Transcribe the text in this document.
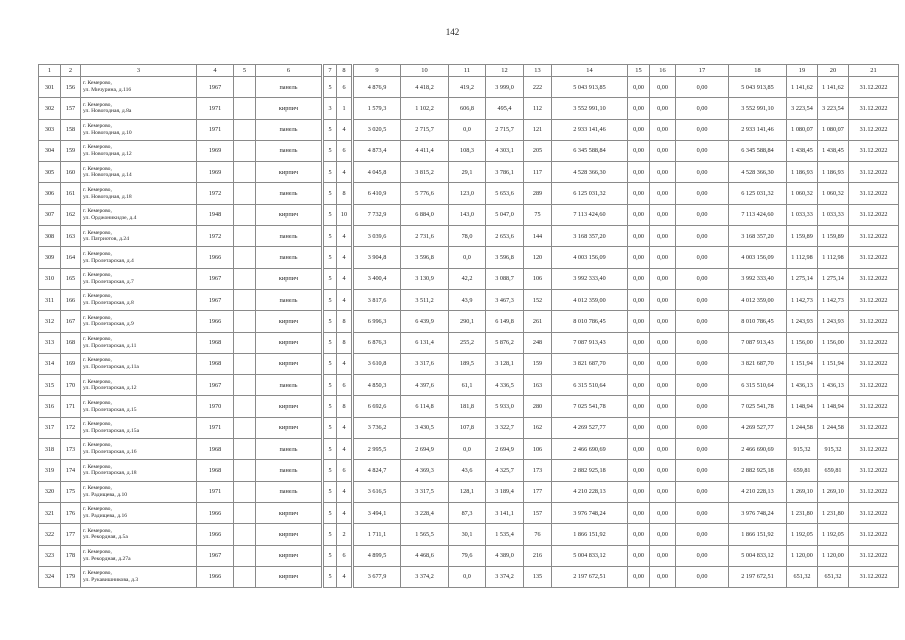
142
1	2	3	4	5	6	7	8	9	10	11	12	13	14	15	16	17	18	19	20	21
301	156	г. Кемерово,
ул. Мичурина, д.116	1967		панель	5	6	4 876,9	4 418,2	419,2	3 999,0	222	5 043 913,85	0,00	0,00	0,00	5 043 913,85	1 141,62	1 141,62	31.12.2022
302	157	г. Кемерово,
ул. Новогодная, д.8а	1971		кирпич	3	1	1 579,3	1 102,2	606,8	495,4	112	3 552 991,10	0,00	0,00	0,00	3 552 991,10	3 223,54	3 223,54	31.12.2022
303	158	г. Кемерово,
ул. Новогодная, д.10	1971		панель	5	4	3 020,5	2 715,7	0,0	2 715,7	121	2 933 141,46	0,00	0,00	0,00	2 933 141,46	1 080,07	1 080,07	31.12.2022
304	159	г. Кемерово,
ул. Новогодная, д.12	1969		панель	5	6	4 873,4	4 411,4	108,3	4 303,1	205	6 345 588,84	0,00	0,00	0,00	6 345 588,84	1 438,45	1 438,45	31.12.2022
305	160	г. Кемерово,
ул. Новогодная, д.14	1969		кирпич	5	4	4 045,8	3 815,2	29,1	3 786,1	117	4 528 366,30	0,00	0,00	0,00	4 528 366,30	1 186,93	1 186,93	31.12.2022
306	161	г. Кемерово,
ул. Новогодная, д.18	1972		панель	5	8	6 410,9	5 776,6	123,0	5 653,6	289	6 125 031,32	0,00	0,00	0,00	6 125 031,32	1 060,32	1 060,32	31.12.2022
307	162	г. Кемерово,
ул. Орджоникидзе, д.4	1948		кирпич	5	10	7 732,9	6 884,0	143,0	5 047,0	75	7 113 424,60	0,00	0,00	0,00	7 113 424,60	1 033,33	1 033,33	31.12.2022
308	163	г. Кемерово,
ул. Патриотов, д.24	1972		панель	5	4	3 039,6	2 731,6	78,0	2 653,6	144	3 168 357,20	0,00	0,00	0,00	3 168 357,20	1 159,89	1 159,89	31.12.2022
309	164	г. Кемерово,
ул. Пролетарская, д.4	1966		панель	5	4	3 904,8	3 596,8	0,0	3 596,8	120	4 003 156,09	0,00	0,00	0,00	4 003 156,09	1 112,98	1 112,98	31.12.2022
310	165	г. Кемерово,
ул. Пролетарская, д.7	1967		кирпич	5	4	3 400,4	3 130,9	42,2	3 088,7	106	3 992 333,40	0,00	0,00	0,00	3 992 333,40	1 275,14	1 275,14	31.12.2022
311	166	г. Кемерово,
ул. Пролетарская, д.8	1967		панель	5	4	3 817,6	3 511,2	43,9	3 467,3	152	4 012 359,00	0,00	0,00	0,00	4 012 359,00	1 142,73	1 142,73	31.12.2022
312	167	г. Кемерово,
ул. Пролетарская, д.9	1966		кирпич	5	8	6 996,3	6 439,9	290,1	6 149,8	261	8 010 786,45	0,00	0,00	0,00	8 010 786,45	1 243,93	1 243,93	31.12.2022
313	168	г. Кемерово,
ул. Пролетарская, д.11	1968		кирпич	5	8	6 876,3	6 131,4	255,2	5 876,2	248	7 087 913,43	0,00	0,00	0,00	7 087 913,43	1 156,00	1 156,00	31.12.2022
314	169	г. Кемерово,
ул. Пролетарская, д.11а	1968		кирпич	5	4	3 610,8	3 317,6	189,5	3 128,1	159	3 821 687,70	0,00	0,00	0,00	3 821 687,70	1 151,94	1 151,94	31.12.2022
315	170	г. Кемерово,
ул. Пролетарская, д.12	1967		панель	5	6	4 850,3	4 397,6	61,1	4 336,5	163	6 315 510,64	0,00	0,00	0,00	6 315 510,64	1 436,13	1 436,13	31.12.2022
316	171	г. Кемерово,
ул. Пролетарская, д.15	1970		кирпич	5	8	6 692,6	6 114,8	181,8	5 933,0	280	7 025 541,78	0,00	0,00	0,00	7 025 541,78	1 148,94	1 148,94	31.12.2022
317	172	г. Кемерово,
ул. Пролетарская, д.15а	1971		кирпич	5	4	3 736,2	3 430,5	107,8	3 322,7	162	4 269 527,77	0,00	0,00	0,00	4 269 527,77	1 244,58	1 244,58	31.12.2022
318	173	г. Кемерово,
ул. Пролетарская, д.16	1968		панель	5	4	2 995,5	2 694,9	0,0	2 694,9	106	2 466 690,69	0,00	0,00	0,00	2 466 690,69	915,32	915,32	31.12.2022
319	174	г. Кемерово,
ул. Пролетарская, д.18	1968		панель	5	6	4 824,7	4 369,3	43,6	4 325,7	173	2 882 925,18	0,00	0,00	0,00	2 882 925,18	659,81	659,81	31.12.2022
320	175	г. Кемерово,
ул. Радищева, д.10	1971		панель	5	4	3 616,5	3 317,5	128,1	3 189,4	177	4 210 228,13	0,00	0,00	0,00	4 210 228,13	1 269,10	1 269,10	31.12.2022
321	176	г. Кемерово,
ул. Радищева, д.16	1966		кирпич	5	4	3 494,1	3 228,4	87,3	3 141,1	157	3 976 748,24	0,00	0,00	0,00	3 976 748,24	1 231,80	1 231,80	31.12.2022
322	177	г. Кемерово,
ул. Рекордная, д.5а	1966		кирпич	5	2	1 711,1	1 565,5	30,1	1 535,4	76	1 866 151,92	0,00	0,00	0,00	1 866 151,92	1 192,05	1 192,05	31.12.2022
323	178	г. Кемерово,
ул. Рекордная, д.27а	1967		кирпич	5	6	4 899,5	4 468,6	79,6	4 389,0	216	5 004 833,12	0,00	0,00	0,00	5 004 833,12	1 120,00	1 120,00	31.12.2022
324	179	г. Кемерово,
ул. Рукавишникова, д.3	1966		кирпич	5	4	3 677,9	3 374,2	0,0	3 374,2	135	2 197 672,51	0,00	0,00	0,00	2 197 672,51	651,32	651,32	31.12.2022
